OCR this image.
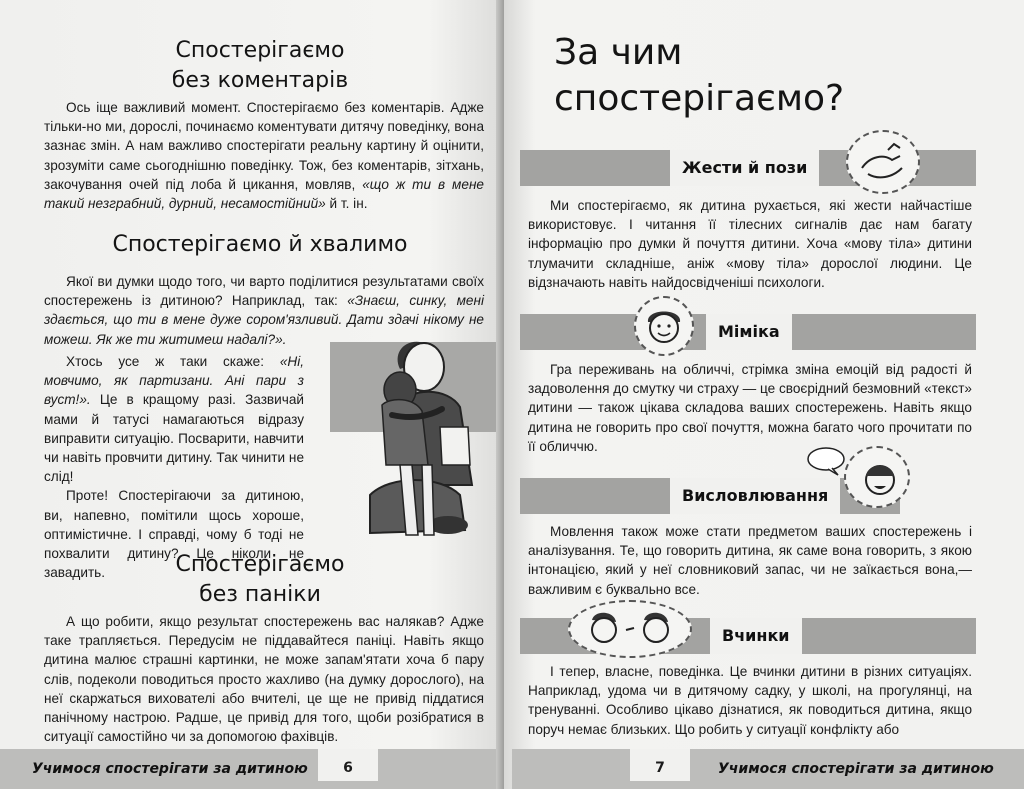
Спостерігаємо
без коментарів

Ось іще важливий момент. Спостерігаємо без коментарів. Адже тільки-но ми, дорослі, починаємо коментувати дитячу поведінку, вона зазнає змін. А нам важливо спостерігати реальну картину й оцінити, зрозуміти саме сьогоднішню поведінку. Тож, без коментарів, зітхань, закочування очей під лоба й цикання, мовляв, «що ж ти в мене такий незграбний, дурний, несамостійний» й т. ін.

Спостерігаємо й хвалимо

Якої ви думки щодо того, чи варто поділитися результатами своїх спостережень із дитиною? Наприклад, так: «Знаєш, синку, мені здається, що ти в мене дуже сором'язливий. Дати здачі нікому не можеш. Як же ти житимеш надалі?».

Хтось усе ж таки скаже: «Ні, мовчимо, як партизани. Ані пари з вуст!». Це в кращому разі. Зазвичай мами й татусі намагаються відразу виправити ситуацію. Посварити, навчити чи навіть провчити дитину. Так чинити не слід!

Проте! Спостерігаючи за дитиною, ви, напевно, помітили щось хороше, оптимістичне. І справді, чому б тоді не похвалити дитину? Це ніколи не завадить.	Спостерігаємо
без паніки

А що робити, якщо результат спостережень вас налякав? Адже таке трапляється. Передусім не піддавайтеся паніці. Навіть якщо дитина малює страшні картинки, не може запам'ятати хоча б пару слів, подеколи поводиться просто жахливо (на думку дорослого), на неї скаржаться вихователі або вчителі, це ще не привід піддатися панічному настрою. Радше, це привід для того, щоби розібратися в ситуації самостійно чи за допомогою фахівців.

За чим
спостерігаємо?
Жести й пози

Ми спостерігаємо, як дитина рухається, які жести найчастіше використовує. І читання її тілесних сигналів дає нам багату інформацію про думки й почуття дитини. Хоча «мову тіла» дитини тлумачити складніше, аніж «мову тіла» дорослої людини. Це відзначають навіть найдосвідченіші психологи.

Міміка

Гра переживань на обличчі, стрімка зміна емоцій від радості й задоволення до смутку чи страху — це своєрідний безмовний «текст» дитини — також цікава складова ваших спостережень. Навіть якщо дитина не говорить про свої почуття, можна багато чого прочитати по її обличчю.

Висловлювання

Мовлення також може стати предметом ваших спостережень і аналізування. Те, що говорить дитина, як саме вона говорить, з якою інтонацією, який у неї словниковий запас, чи не заїкається вона,— важливим є буквально все.

Вчинки

І тепер, власне, поведінка. Це вчинки дитини в різних ситуаціях. Наприклад, удома чи в дитячому садку, у школі, на прогулянці, на тренуванні. Особливо цікаво дізнатися, як поводиться дитина, якщо поруч немає близьких. Що робить у ситуації конфлікту або

Учимося спостерігати за дитиною	6	7	Учимося спостерігати за дитиною
